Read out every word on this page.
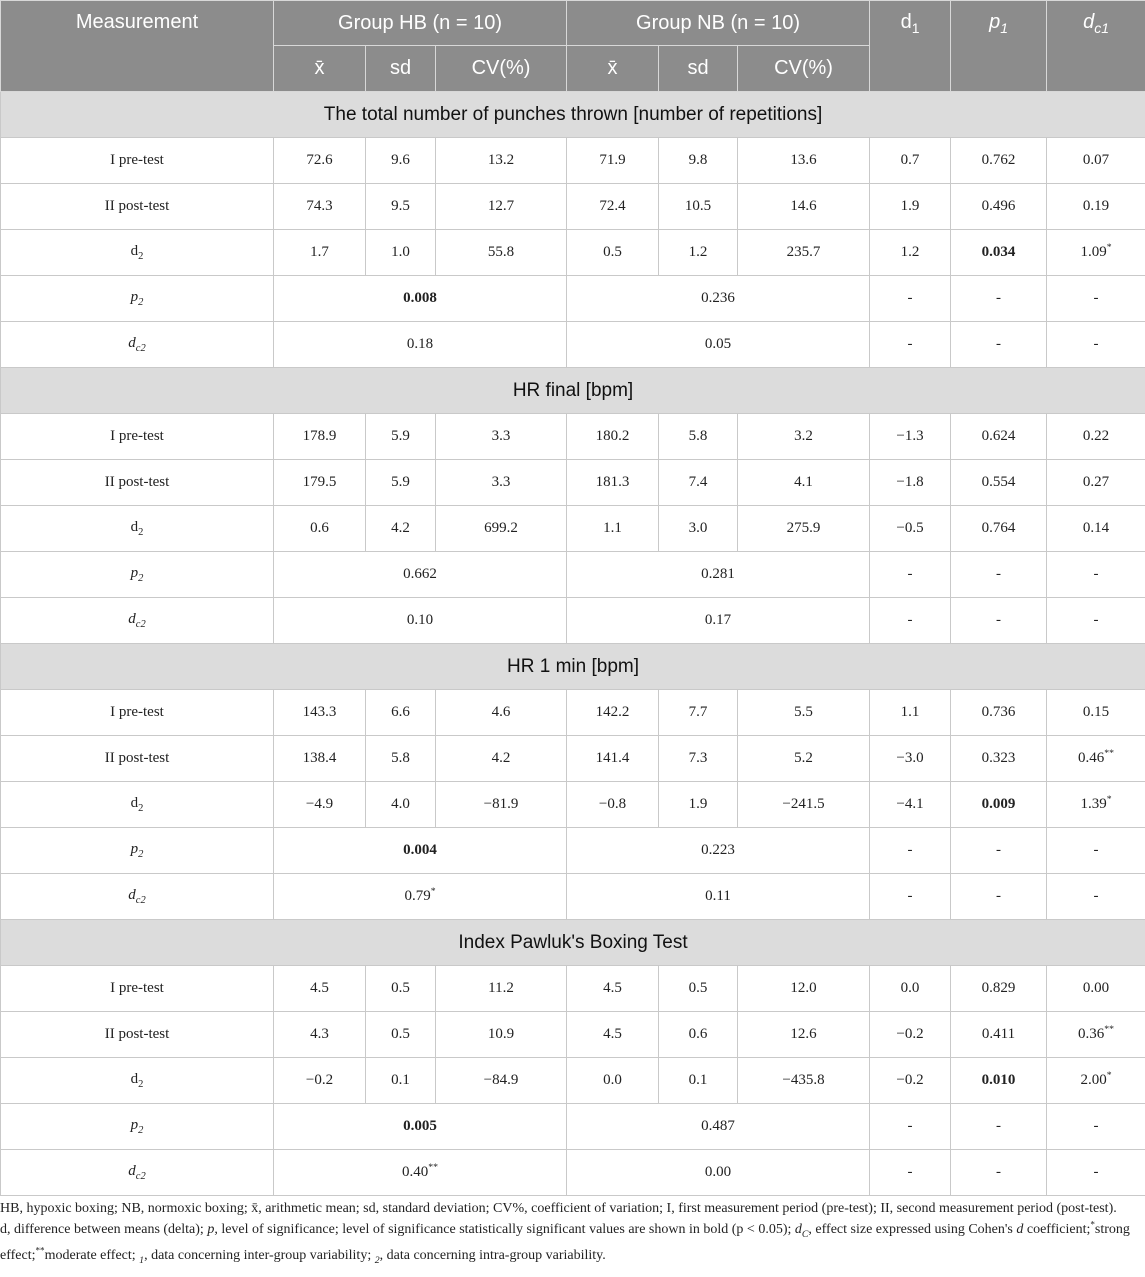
Measurement	Group HB (n = 10)			Group NB (n = 10)			$d_1$	$p_1$	$d_{c1}$
	x̄	sd	CV(%)	x̄	sd	CV(%)			
The total number of punches thrown [number of repetitions]									
I pre-test	72.6	9.6	13.2	71.9	9.8	13.6	0.7	0.762	0.07
II post-test	74.3	9.5	12.7	72.4	10.5	14.6	1.9	0.496	0.19
$d_2$	1.7	1.0	55.8	0.5	1.2	235.7	1.2	0.034	1.09*
$p_2$	0.008			0.236			-	-	-
$d_{c2}$	0.18			0.05			-	-	-
HR final [bpm]									
I pre-test	178.9	5.9	3.3	180.2	5.8	3.2	−1.3	0.624	0.22
II post-test	179.5	5.9	3.3	181.3	7.4	4.1	−1.8	0.554	0.27
$d_2$	0.6	4.2	699.2	1.1	3.0	275.9	−0.5	0.764	0.14
$p_2$	0.662			0.281			-	-	-
$d_{c2}$	0.10			0.17			-	-	-
HR 1 min [bpm]									
I pre-test	143.3	6.6	4.6	142.2	7.7	5.5	1.1	0.736	0.15
II post-test	138.4	5.8	4.2	141.4	7.3	5.2	−3.0	0.323	0.46**
$d_2$	−4.9	4.0	−81.9	−0.8	1.9	−241.5	−4.1	0.009	1.39*
$p_2$	0.004			0.223			-	-	-
$d_{c2}$	0.79*			0.11			-	-	-
Index Pawluk's Boxing Test									
I pre-test	4.5	0.5	11.2	4.5	0.5	12.0	0.0	0.829	0.00
II post-test	4.3	0.5	10.9	4.5	0.6	12.6	−0.2	0.411	0.36**
$d_2$	−0.2	0.1	−84.9	0.0	0.1	−435.8	−0.2	0.010	2.00*
$p_2$	0.005			0.487			-	-	-
$d_{c2}$	0.40**			0.00			-	-	-

HB, hypoxic boxing; NB, normoxic boxing; x̄, arithmetic mean; sd, standard deviation; CV%, coefficient of variation; I, first measurement period (pre-test); II, second measurement period (post-test).

d, difference between means (delta); p, level of significance; level of significance statistically significant values are shown in bold (p < 0.05); $d_C$, effect size expressed using Cohen's d coefficient;*strong effect;**moderate effect; $_1$, data concerning inter-group variability; $_2$, data concerning intra-group variability.
